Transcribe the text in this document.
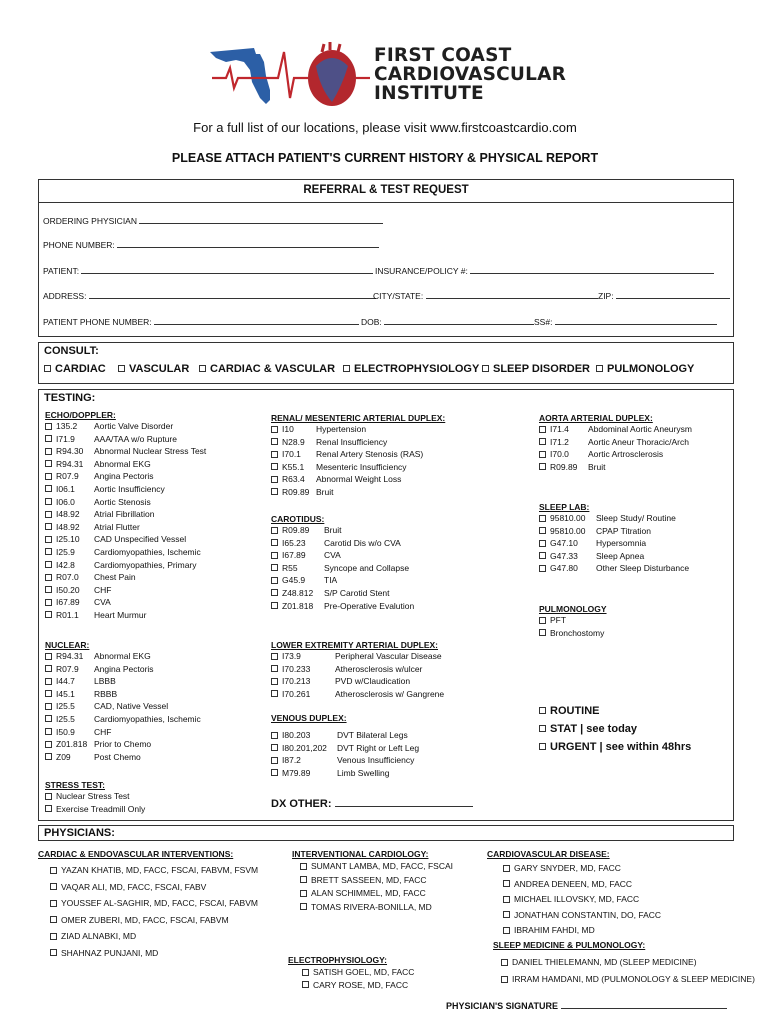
FIRST COAST
CARDIOVASCULAR
INSTITUTE
For a full list of our locations, please visit www.firstcoastcardio.com
PLEASE ATTACH PATIENT'S CURRENT HISTORY & PHYSICAL REPORT
REFERRAL & TEST REQUEST
ORDERING PHYSICIAN
PHONE NUMBER:
PATIENT:	INSURANCE/POLICY #:
ADDRESS:	CITY/STATE:	ZIP:
PATIENT PHONE NUMBER:	DOB:	SS#:
CONSULT:
CARDIAC	VASCULAR	CARDIAC & VASCULAR	ELECTROPHYSIOLOGY	SLEEP DISORDER	PULMONOLOGY
TESTING:
ECHO/DOPPLER:
135.2 Aortic Valve Disorder
I71.9 AAA/TAA w/o Rupture
R94.30 Abnormal Nuclear Stress Test
R94.31 Abnormal EKG
R07.9 Angina Pectoris
I06.1 Aortic Insufficiency
I06.0 Aortic Stenosis
I48.92 Atrial Fibrillation
I48.92 Atrial Flutter
I25.10 CAD Unspecified Vessel
I25.9 Cardiomyopathies, Ischemic
I42.8 Cardiomyopathies, Primary
R07.0 Chest Pain
I50.20 CHF
I67.89 CVA
R01.1 Heart Murmur
NUCLEAR:
R94.31 Abnormal EKG
R07.9 Angina Pectoris
I44.7 LBBB
I45.1 RBBB
I25.5 CAD, Native Vessel
I25.5 Cardiomyopathies, Ischemic
I50.9 CHF
Z01.818 Prior to Chemo
Z09	Post Chemo
STRESS TEST:
Nuclear Stress Test
Exercise Treadmill Only
RENAL/ MESENTERIC ARTERIAL DUPLEX:
I10	Hypertension
N28.9 Renal Insufficiency
I70.1 Renal Artery Stenosis (RAS)
K55.1 Mesenteric Insufficiency
R63.4 Abnormal Weight Loss
R09.89 Bruit
CAROTIDUS:
R09.89 Bruit
I65.23 Carotid Dis w/o CVA
I67.89 CVA
R55	Syncope and Collapse
G45.9 TIA
Z48.812 S/P Carotid Stent
Z01.818 Pre-Operative Evalution
LOWER EXTREMITY ARTERIAL DUPLEX:
I73.9	Peripheral Vascular Disease
I70.233	Atherosclerosis w/ulcer
I70.213	PVD w/Claudication
I70.261	Atherosclerosis w/ Gangrene
VENOUS DUPLEX:
I80.203	DVT Bilateral Legs
I80.201,202 DVT Right or Left Leg
I87.2	Venous Insufficiency
M79.89	Limb Swelling
DX OTHER:
AORTA ARTERIAL DUPLEX:
I71.4 Abdominal Aortic Aneurysm
I71.2 Aortic Aneur Thoracic/Arch
I70.0 Aortic Artrosclerosis
R09.89 Bruit
SLEEP LAB:
95810.00 Sleep Study/ Routine
95810.00 CPAP Titration
G47.10 Hypersomnia
G47.33 Sleep Apnea
G47.80 Other Sleep Disturbance
PULMONOLOGY
PFT
Bronchostomy
ROUTINE
STAT | see today
URGENT | see within 48hrs
PHYSICIANS:
CARDIAC & ENDOVASCULAR INTERVENTIONS:
YAZAN KHATIB, MD, FACC, FSCAI, FABVM, FSVM
VAQAR ALI, MD, FACC, FSCAI, FABV
YOUSSEF AL-SAGHIR, MD, FACC, FSCAI, FABVM
OMER ZUBERI, MD, FACC, FSCAI, FABVM
ZIAD ALNABKI, MD
SHAHNAZ PUNJANI, MD
INTERVENTIONAL CARDIOLOGY:
SUMANT LAMBA, MD, FACC, FSCAI
BRETT SASSEEN, MD, FACC
ALAN SCHIMMEL, MD, FACC
TOMAS RIVERA-BONILLA, MD
ELECTROPHYSIOLOGY:
SATISH GOEL, MD, FACC
CARY ROSE, MD, FACC
CARDIOVASCULAR DISEASE:
GARY SNYDER, MD, FACC
ANDREA DENEEN, MD, FACC
MICHAEL ILLOVSKY, MD, FACC
JONATHAN CONSTANTIN, DO, FACC
IBRAHIM FAHDI, MD
SLEEP MEDICINE & PULMONOLOGY:
DANIEL THIELEMANN, MD (SLEEP MEDICINE)
IRRAM HAMDANI, MD (PULMONOLOGY & SLEEP MEDICINE)
PHYSICIAN'S SIGNATURE
